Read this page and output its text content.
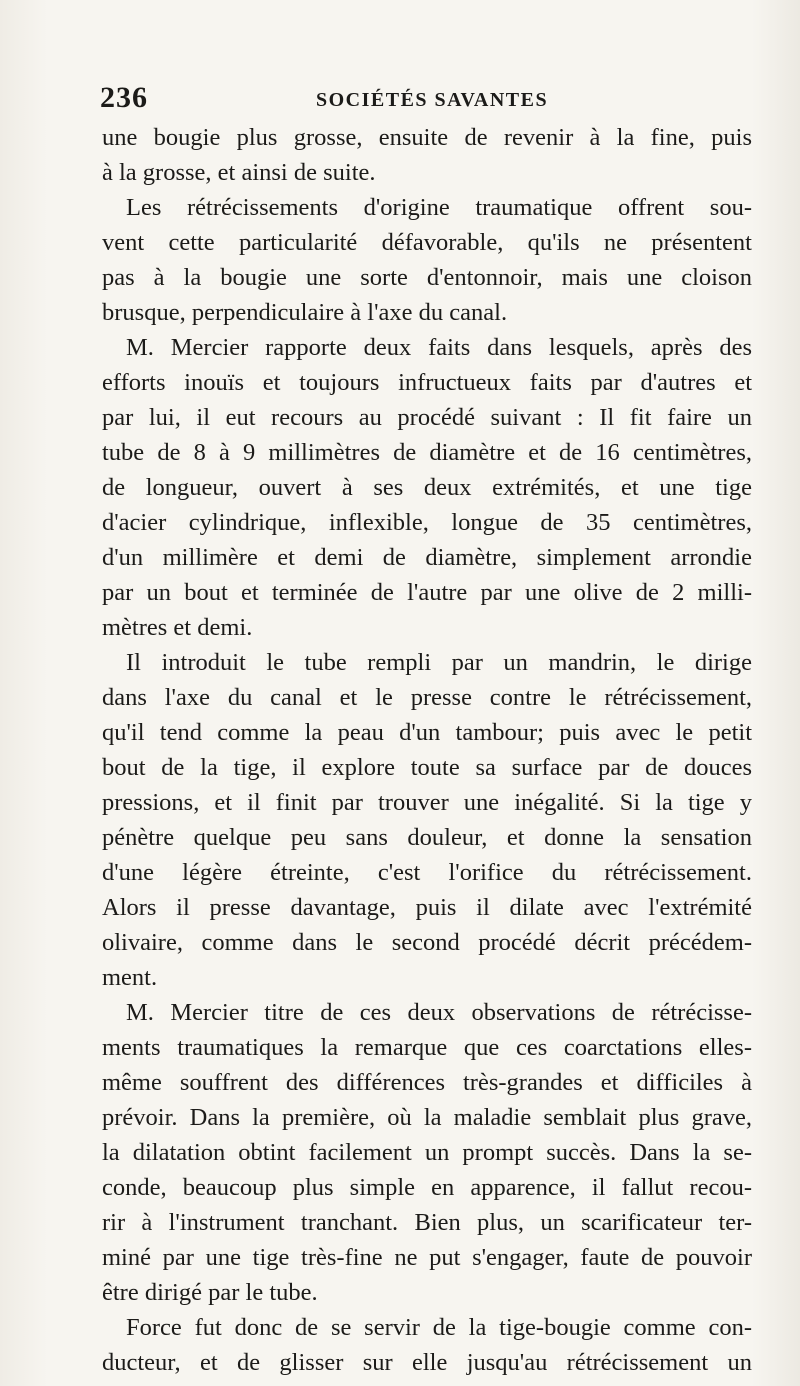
236	SOCIÉTÉS SAVANTES
une bougie plus grosse, ensuite de revenir à la fine, puis
à la grosse, et ainsi de suite.
Les rétrécissements d'origine traumatique offrent sou-
vent cette particularité défavorable, qu'ils ne présentent
pas à la bougie une sorte d'entonnoir, mais une cloison
brusque, perpendiculaire à l'axe du canal.
M. Mercier rapporte deux faits dans lesquels, après des
efforts inouïs et toujours infructueux faits par d'autres et
par lui, il eut recours au procédé suivant : Il fit faire un
tube de 8 à 9 millimètres de diamètre et de 16 centimètres,
de longueur, ouvert à ses deux extrémités, et une tige
d'acier cylindrique, inflexible, longue de 35 centimètres,
d'un millimère et demi de diamètre, simplement arrondie
par un bout et terminée de l'autre par une olive de 2 milli-
mètres et demi.
Il introduit le tube rempli par un mandrin, le dirige
dans l'axe du canal et le presse contre le rétrécissement,
qu'il tend comme la peau d'un tambour; puis avec le petit
bout de la tige, il explore toute sa surface par de douces
pressions, et il finit par trouver une inégalité. Si la tige y
pénètre quelque peu sans douleur, et donne la sensation
d'une légère étreinte, c'est l'orifice du rétrécissement.
Alors il presse davantage, puis il dilate avec l'extrémité
olivaire, comme dans le second procédé décrit précédem-
ment.
M. Mercier titre de ces deux observations de rétrécisse-
ments traumatiques la remarque que ces coarctations elles-
même souffrent des différences très-grandes et difficiles à
prévoir. Dans la première, où la maladie semblait plus grave,
la dilatation obtint facilement un prompt succès. Dans la se-
conde, beaucoup plus simple en apparence, il fallut recou-
rir à l'instrument tranchant. Bien plus, un scarificateur ter-
miné par une tige très-fine ne put s'engager, faute de pouvoir
être dirigé par le tube.
Force fut donc de se servir de la tige-bougie comme con-
ducteur, et de glisser sur elle jusqu'au rétrécissement un
